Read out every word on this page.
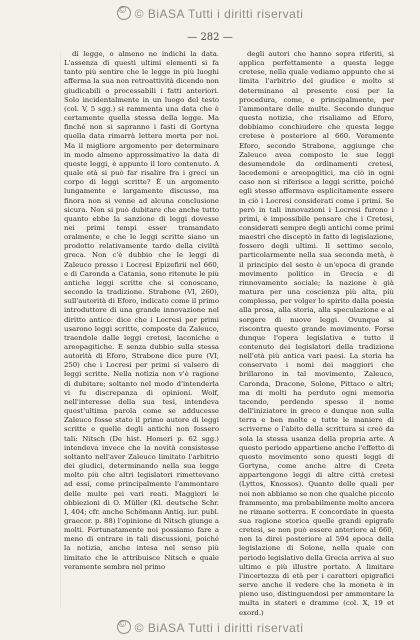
©© BiASA Tutti i diritti riservati
— 282 —

di legge, o almeno ne indichi la data. L'assenza di questi ultimi elementi si fa tanto più sentire che le legge in più luoghi afferma la sua non retroattività dicendo non giudicabili o processabili i fatti anteriori. Solo incidentalmente in un luogo del testo (col. V, 5 sgg.) si rammenta una data che è certamente quella stessa della legge. Ma finché non si sapranno i fasti di Gortyna quella data rimarrà lettera morta per noi. Ma il migliore argomento per determinare in modo almeno approssimativo la data di queste leggi, è appunto il loro contenuto. A quale età si può far risalire fra i greci un corpo di leggi scritte? È un argomento lungamente e largamente discusso, ma finora non si venne ad alcuna conclusione sicura. Non si può dubitare che anche tutto quanto ebbe la sanzione di leggi dovesse nei primi tempi esser tramandato oralmente, e che le leggi scritte siano un prodotto relativamente tardo della civiltà greca. Non c'è dubbio che le leggi di Zaleuco presso i Locresi Epizefirii nel 660, e di Caronda a Catania, sono ritenute le più antiche leggi scritte che si conoscano, secondo la tradizione. Strabone (VI, 260), sull'autorità di Eforo, indicato come il primo introduttore di una grande innovazione nel diritto antico: dice che i Locresi per primi usarono leggi scritte, composte da Zaleuco, traendole dalle leggi cretesi, laconiche e areopagitiche. E senza dubbio sulla stessa autorità di Eforo, Strabone dice pure (VI, 250) che i Locresi per primi si valsero di leggi scritte. Nella notizia non v'è ragione di dubitare; soltanto nel modo d'intenderla vi fu discrepanza di opinioni. Wolf, nell'interesse della sua tesi, intendeva quest'ultima parola come se adducesse Zaleuco fosse stato il primo autore di leggi scritte e quelle degli antichi non fossero tali: Nitsch (De hist. Homeri p. 62 sgg.) intendeva invece che la novità consistesse soltanto nell'aver Zaleuco limitato l'arbitrio dei giudici, determinando nella sua legge molto più che altri legislatori rimettevano ad essi, come principalmente l'ammontare delle multe pei vari reati. Maggiori le obbiezioni di O. Müller (Kl. deutsche Schr. I, 404; cfr. anche Schömann Antiq. iur. publ. graecor. p. 88) l'opinione di Nitsch giunge a molti. Fortunatamente noi possiamo fare a meno di entrare in tali discussioni, poiché la notizia, anche intesa nel senso più limitato che le attribuisce Nitsch e quale veramente sembra nel primo

degli autori che hanno sopra riferiti, si applica perfettamente a questa legge cretese, nella quale vediamo appunto che si limita l'arbitrio del giudice e molto si determinano al presente cosi per la procedura, come, e principalmente, per l'ammontare delle multe. Secondo dunque questa notizia, che risaliamo ad Eforo, dobbiamo conchiudere che questa legge cretese è posteriore al 660. Veramente Eforo, secondo Strabone, aggiunge che Zaleuco avea composto le sue leggi desumendole da ordinamenti cretesi, lacedemoni e areopagitici, ma ciò in ogni caso non si riferisce a leggi scritte, poiché egli stesso affermava esplicitamente essere in ciò i Locresi considerati come i primi. Se però in tali innovazioni i Locresi furono i primi, è impossibile pensare che i Cretesi, considerati sempre degli antichi come primi maestri che disceptò in fatto di legislazione, fossero degli ultimi. Il settimo secolo, particolarmente nella sua seconda metà, è il principio del sesto è un'epoca di grande movimento politico in Grecia e di rinnovamento sociale; la nazione è già matura per una coscienza più alta, più complessa, per volger lo spirito dalla poesia alla prosa, alla storia, alla speculazione e al sorgere di nuove leggi. Ovunque si riscontra questo grande movimento. Forse dunque l'opera legislativa e tutto il contenuto dei legislatori della tradizione nell'età più antica vari paesi. La storia ha conservato i nomi dei maggiori che brillarono in tal movimento, Zaleuco, Caronda, Dracone, Solone, Pittaco e altri; ma di molti ha perduto ogni memoria tacendo, perdendo spesso il nome dell'iniziatore in greco e dunque non sulla terra e ben molte e tutte le maniere di scriverne o l'abito della scrittura si creò da sola la stessa usanza della propria arte. A questo periodo appartiene anche l'effetto di questo movimento sono questi leggi di Gortyna, come anche altre di Creta appartengono leggi di altre città cretesi (Lyttos, Knossos). Quanto delle quali per noi non abbiamo se non che qualche piccolo frammento, ma probabilmente molto ancora ne rimane sotterra. E concordate in questa sua ragione storica quelle grandi epigrafe cretesi, se non può essere anteriore al 660, non la direi posteriore al 594 epoca della legislazione di Solone, nella quale con periodo legislativo della Grecia arriva al suo ultimo e più illustre portato. A limitare l'incertezza di età per i caratteri epigrafici serve anche il vedere che la moneta è in pieno uso, distinguendosi per ammontare la multa in stateri e dramme (col. X, 19 et exord.)

©© BiASA Tutti i diritti riservati
